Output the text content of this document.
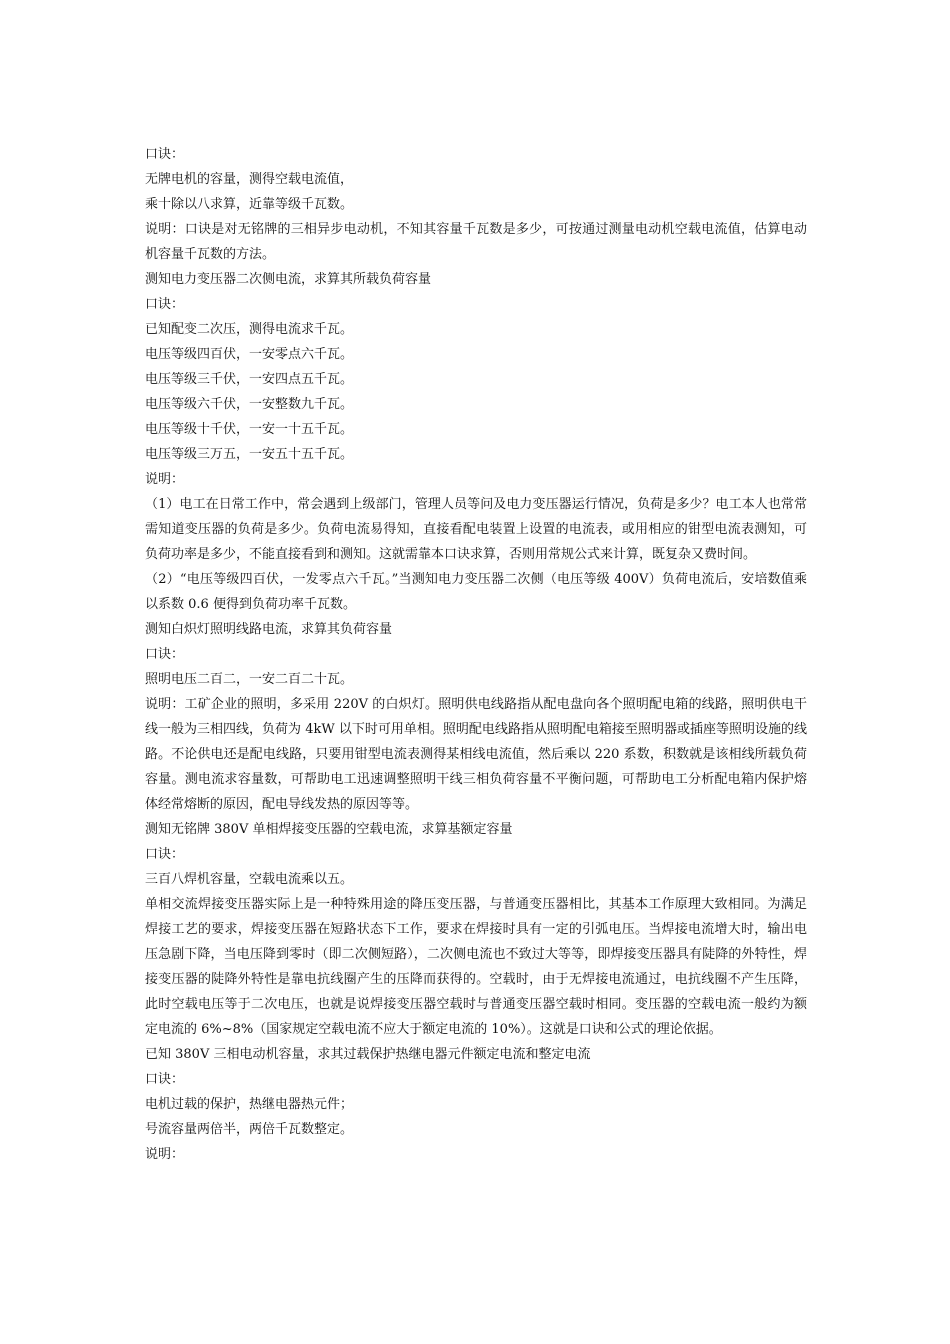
口诀：

无牌电机的容量，测得空载电流值，

乘十除以八求算，近靠等级千瓦数。

说明：口诀是对无铭牌的三相异步电动机，不知其容量千瓦数是多少，可按通过测量电动机空载电流值，估算电动机容量千瓦数的方法。

测知电力变压器二次侧电流，求算其所载负荷容量

口诀：

已知配变二次压，测得电流求千瓦。

电压等级四百伏，一安零点六千瓦。

电压等级三千伏，一安四点五千瓦。

电压等级六千伏，一安整数九千瓦。

电压等级十千伏，一安一十五千瓦。

电压等级三万五，一安五十五千瓦。

说明：

（1）电工在日常工作中，常会遇到上级部门，管理人员等问及电力变压器运行情况，负荷是多少？电工本人也常常需知道变压器的负荷是多少。负荷电流易得知，直接看配电装置上设置的电流表，或用相应的钳型电流表测知，可负荷功率是多少，不能直接看到和测知。这就需靠本口诀求算，否则用常规公式来计算，既复杂又费时间。

（2）“电压等级四百伏，一发零点六千瓦。”当测知电力变压器二次侧（电压等级 400V）负荷电流后，安培数值乘以系数 0.6 便得到负荷功率千瓦数。

测知白炽灯照明线路电流，求算其负荷容量

口诀：

照明电压二百二，一安二百二十瓦。

说明：工矿企业的照明，多采用 220V 的白炽灯。照明供电线路指从配电盘向各个照明配电箱的线路，照明供电干线一般为三相四线，负荷为 4kW 以下时可用单相。照明配电线路指从照明配电箱接至照明器或插座等照明设施的线路。不论供电还是配电线路，只要用钳型电流表测得某相线电流值，然后乘以 220 系数，积数就是该相线所载负荷容量。测电流求容量数，可帮助电工迅速调整照明干线三相负荷容量不平衡问题，可帮助电工分析配电箱内保护熔体经常熔断的原因，配电导线发热的原因等等。

测知无铭牌 380V 单相焊接变压器的空载电流，求算基额定容量

口诀：

三百八焊机容量，空载电流乘以五。

单相交流焊接变压器实际上是一种特殊用途的降压变压器，与普通变压器相比，其基本工作原理大致相同。为满足焊接工艺的要求，焊接变压器在短路状态下工作，要求在焊接时具有一定的引弧电压。当焊接电流增大时，输出电压急剧下降，当电压降到零时（即二次侧短路），二次侧电流也不致过大等等，即焊接变压器具有陡降的外特性，焊接变压器的陡降外特性是靠电抗线圈产生的压降而获得的。空载时，由于无焊接电流通过，电抗线圈不产生压降，此时空载电压等于二次电压，也就是说焊接变压器空载时与普通变压器空载时相同。变压器的空载电流一般约为额定电流的 6%~8%（国家规定空载电流不应大于额定电流的 10%）。这就是口诀和公式的理论依据。

已知 380V 三相电动机容量，求其过载保护热继电器元件额定电流和整定电流

口诀：

电机过载的保护，热继电器热元件；

号流容量两倍半，两倍千瓦数整定。

说明：
